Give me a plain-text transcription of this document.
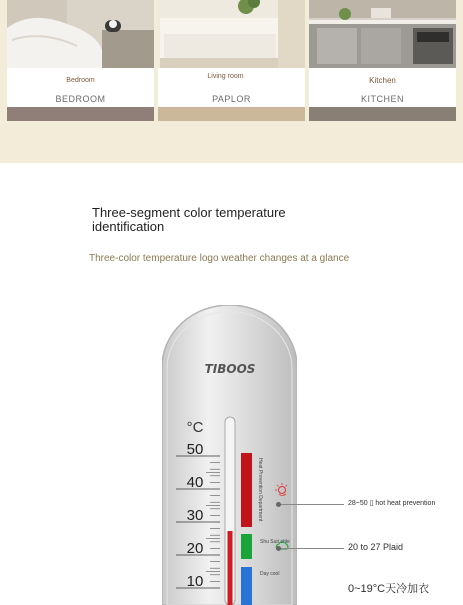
Bedroom
BEDROOM
Living room
PAPLOR
Kitchen
KITCHEN
Three-segment color temperature identification
Three-color temperature logo weather changes at a glance
TIBOOS
°C
50
40
30
20
10
Heat Prevention Department
Shu Suit able
Day cool
28~50 ▯ hot heat prevention
20 to 27 Plaid
0~19°C天冷加衣
